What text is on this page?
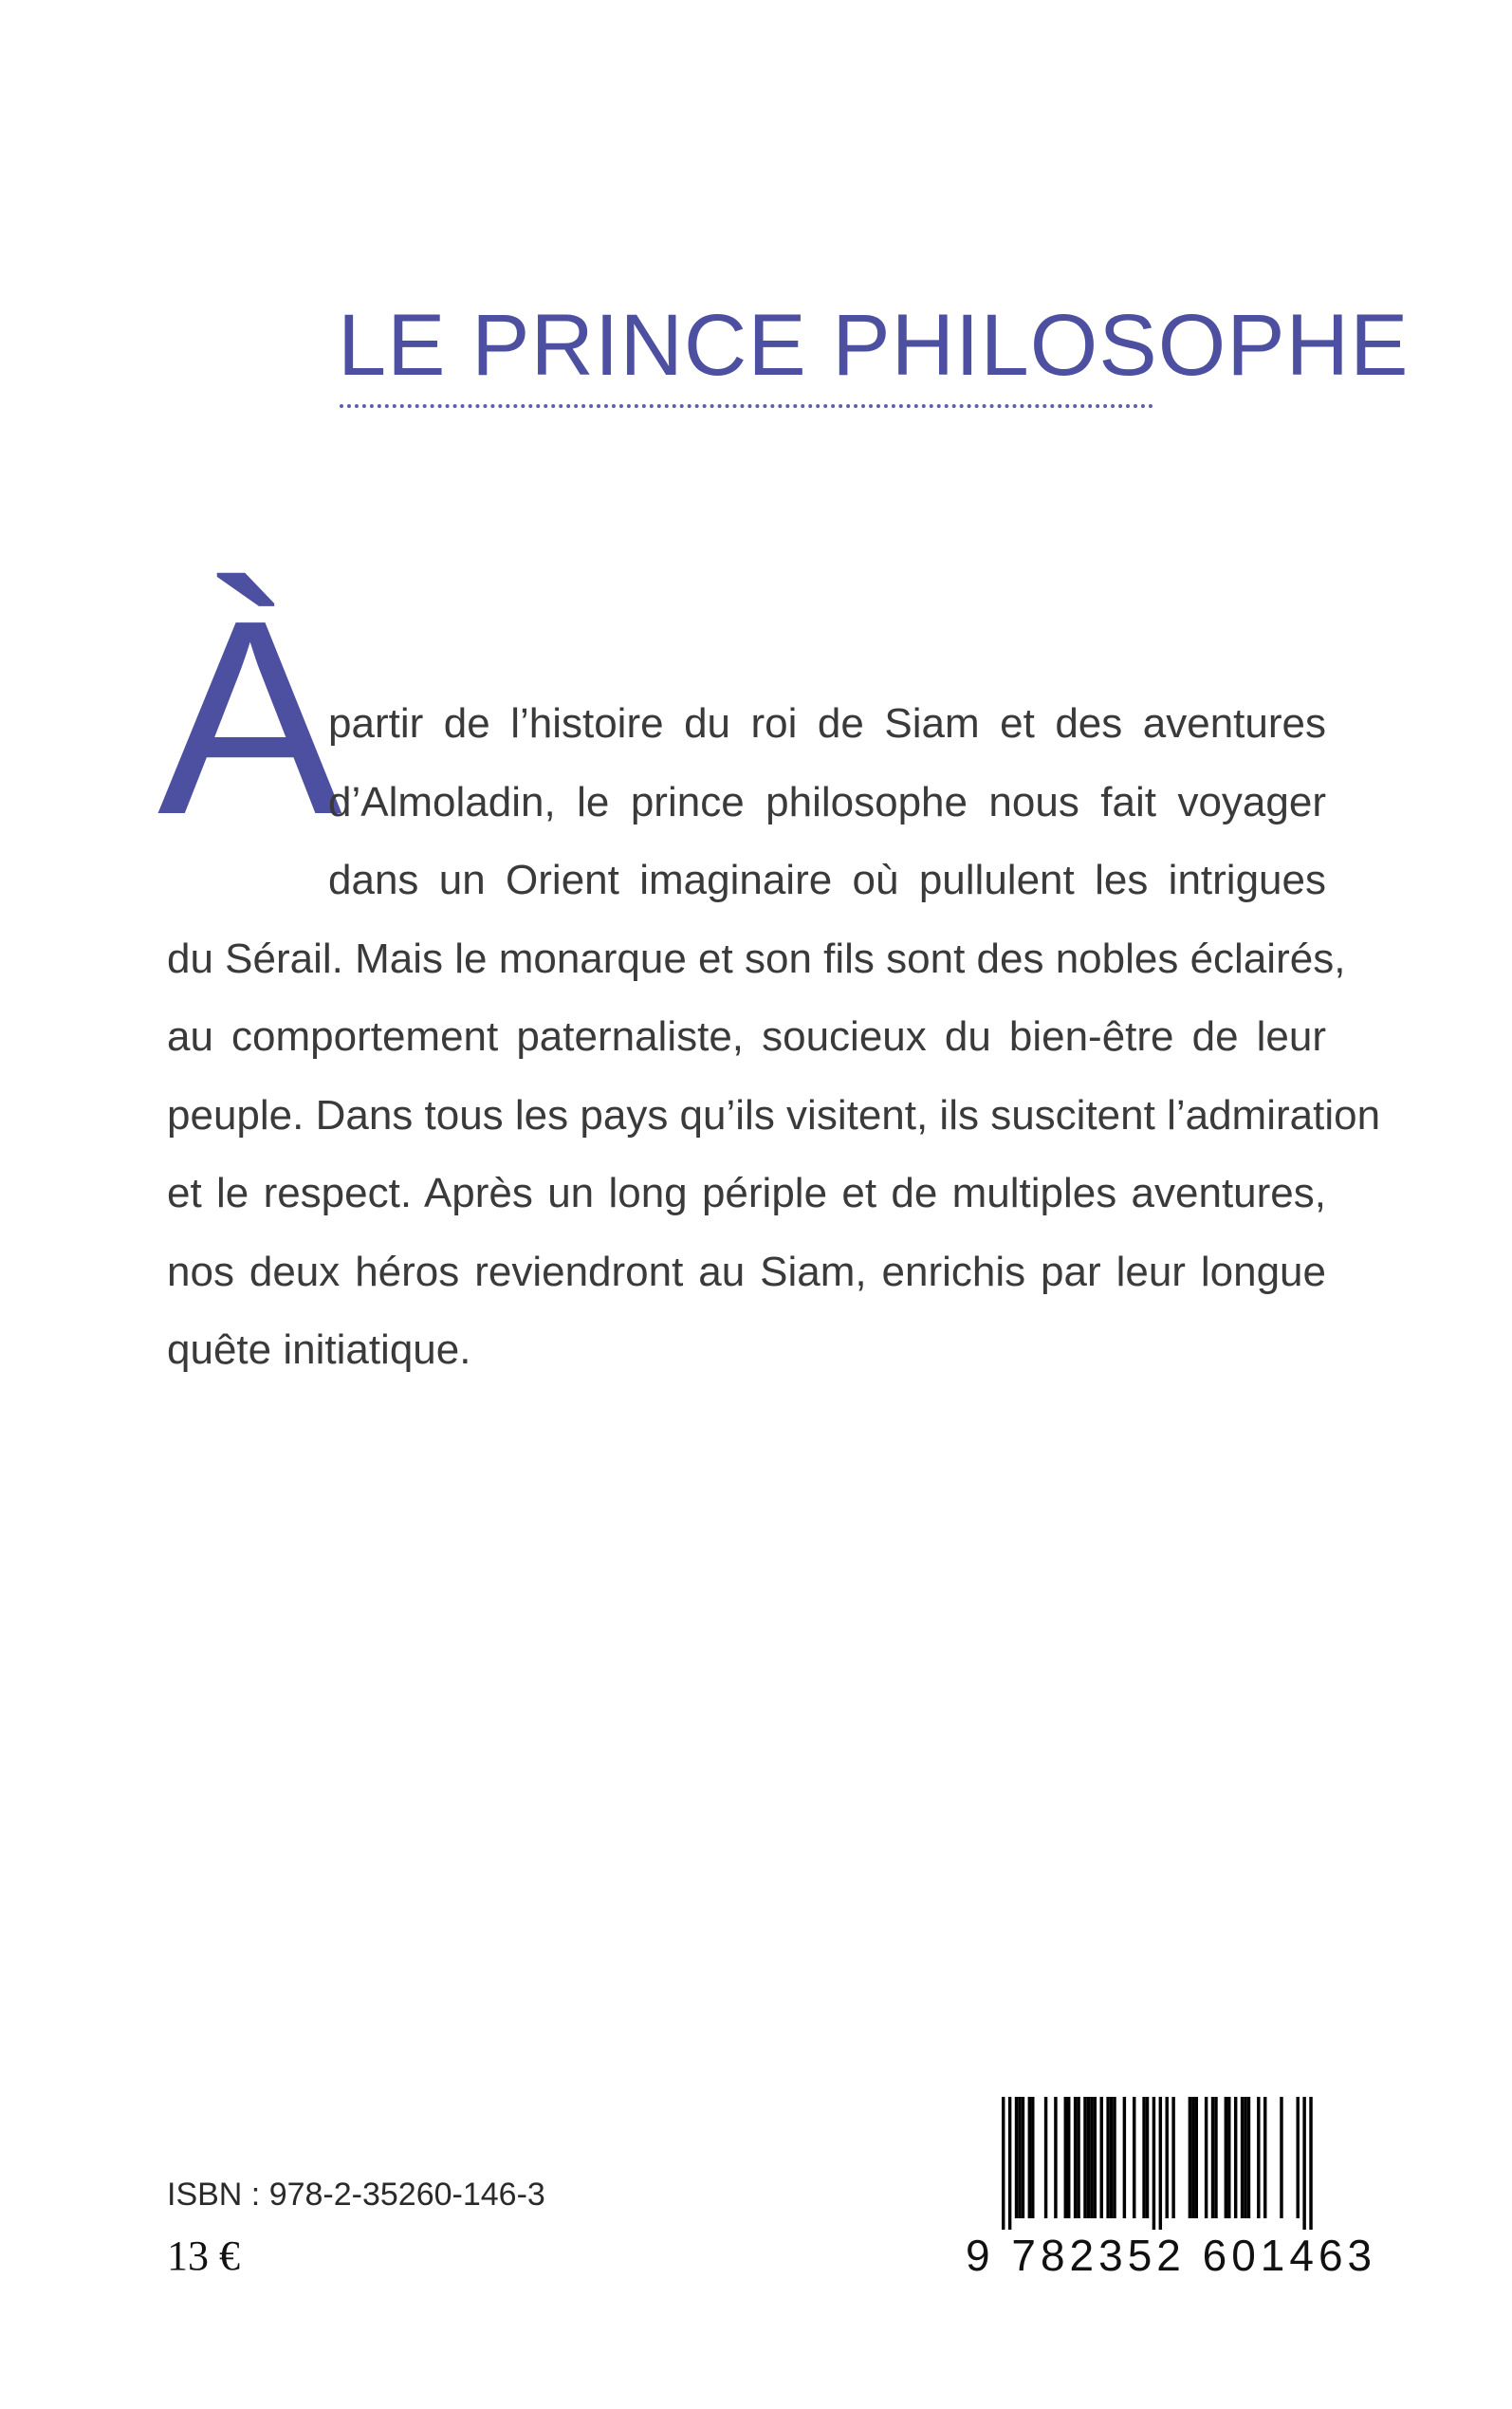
LE PRINCE PHILOSOPHE
À
partir de l’histoire du roi de Siam et des aventures
d’Almoladin, le prince philosophe nous fait voyager
dans un Orient imaginaire où pullulent les intrigues
du Sérail. Mais le monarque et son fils sont des nobles éclairés,
au comportement paternaliste, soucieux du bien-être de leur
peuple. Dans tous les pays qu’ils visitent, ils suscitent l’admiration
et le respect. Après un long périple et de multiples aventures,
nos deux héros reviendront au Siam, enrichis par leur longue
quête initiatique.
ISBN : 978-2-35260-146-3
13 €	9 782352 601463
